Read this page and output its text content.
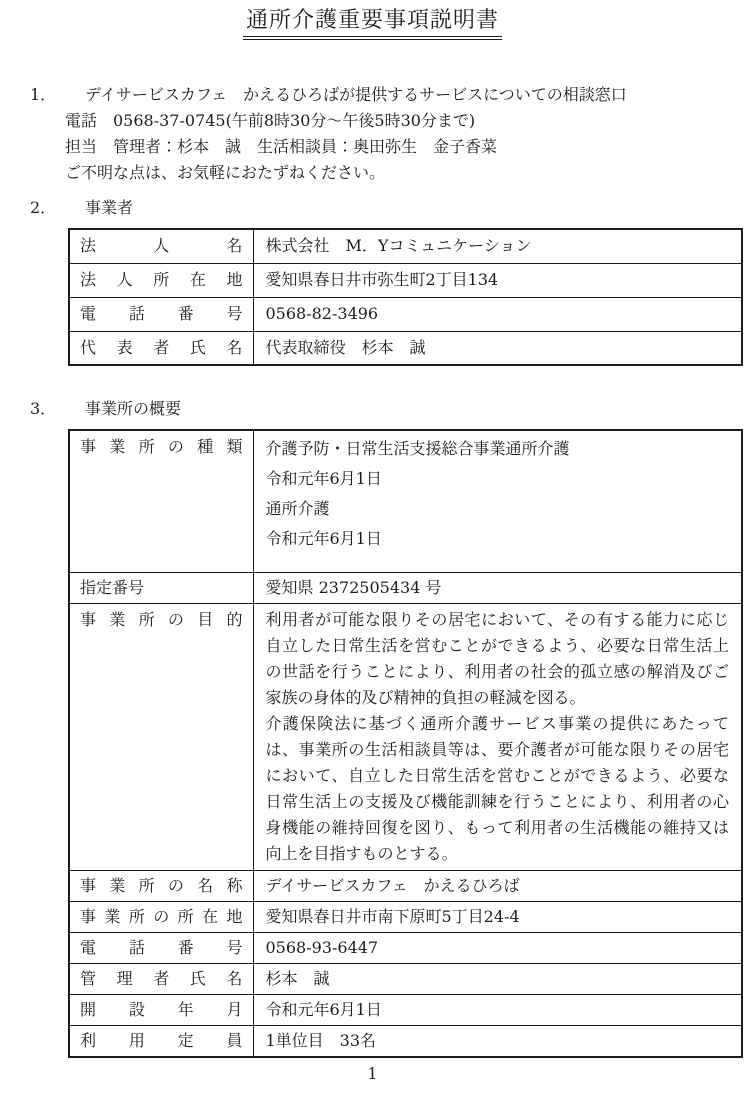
通所介護重要事項説明書
1．	デイサービスカフェ　かえるひろばが提供するサービスについての相談窓口
電話　0568-37-0745(午前8時30分～午後5時30分まで)
担当　管理者：杉本　誠　生活相談員：奥田弥生　金子香菜
ご不明な点は、お気軽におたずねください。
2．	事業者
法 人 名	株式会社　M．Yコミュニケーション

法 人 所 在 地	愛知県春日井市弥生町2丁目134

電 話 番 号	0568-82-3496

代 表 者 氏 名	代表取締役　杉本　誠
3．	事業所の概要
事 業 所 の 種 類	介護予防・日常生活支援総合事業通所介護
令和元年6月1日
通所介護
令和元年6月1日

指定番号	愛知県 2372505434 号

事 業 所 の 目 的	利用者が可能な限りその居宅において、その有する能力に応じ自立した日常生活を営むことができるよう、必要な日常生活上の世話を行うことにより、利用者の社会的孤立感の解消及びご家族の身体的及び精神的負担の軽減を図る。
介護保険法に基づく通所介護サービス事業の提供にあたっては、事業所の生活相談員等は、要介護者が可能な限りその居宅において、自立した日常生活を営むことができるよう、必要な日常生活上の支援及び機能訓練を行うことにより、利用者の心身機能の維持回復を図り、もって利用者の生活機能の維持又は向上を目指すものとする。

事 業 所 の 名 称	デイサービスカフェ　かえるひろば

事 業 所 の 所 在 地	愛知県春日井市南下原町5丁目24-4

電 話 番 号	0568-93-6447

管 理 者 氏 名	杉本　誠

開 設 年 月	令和元年6月1日

利 用 定 員	1単位目　33名
1
